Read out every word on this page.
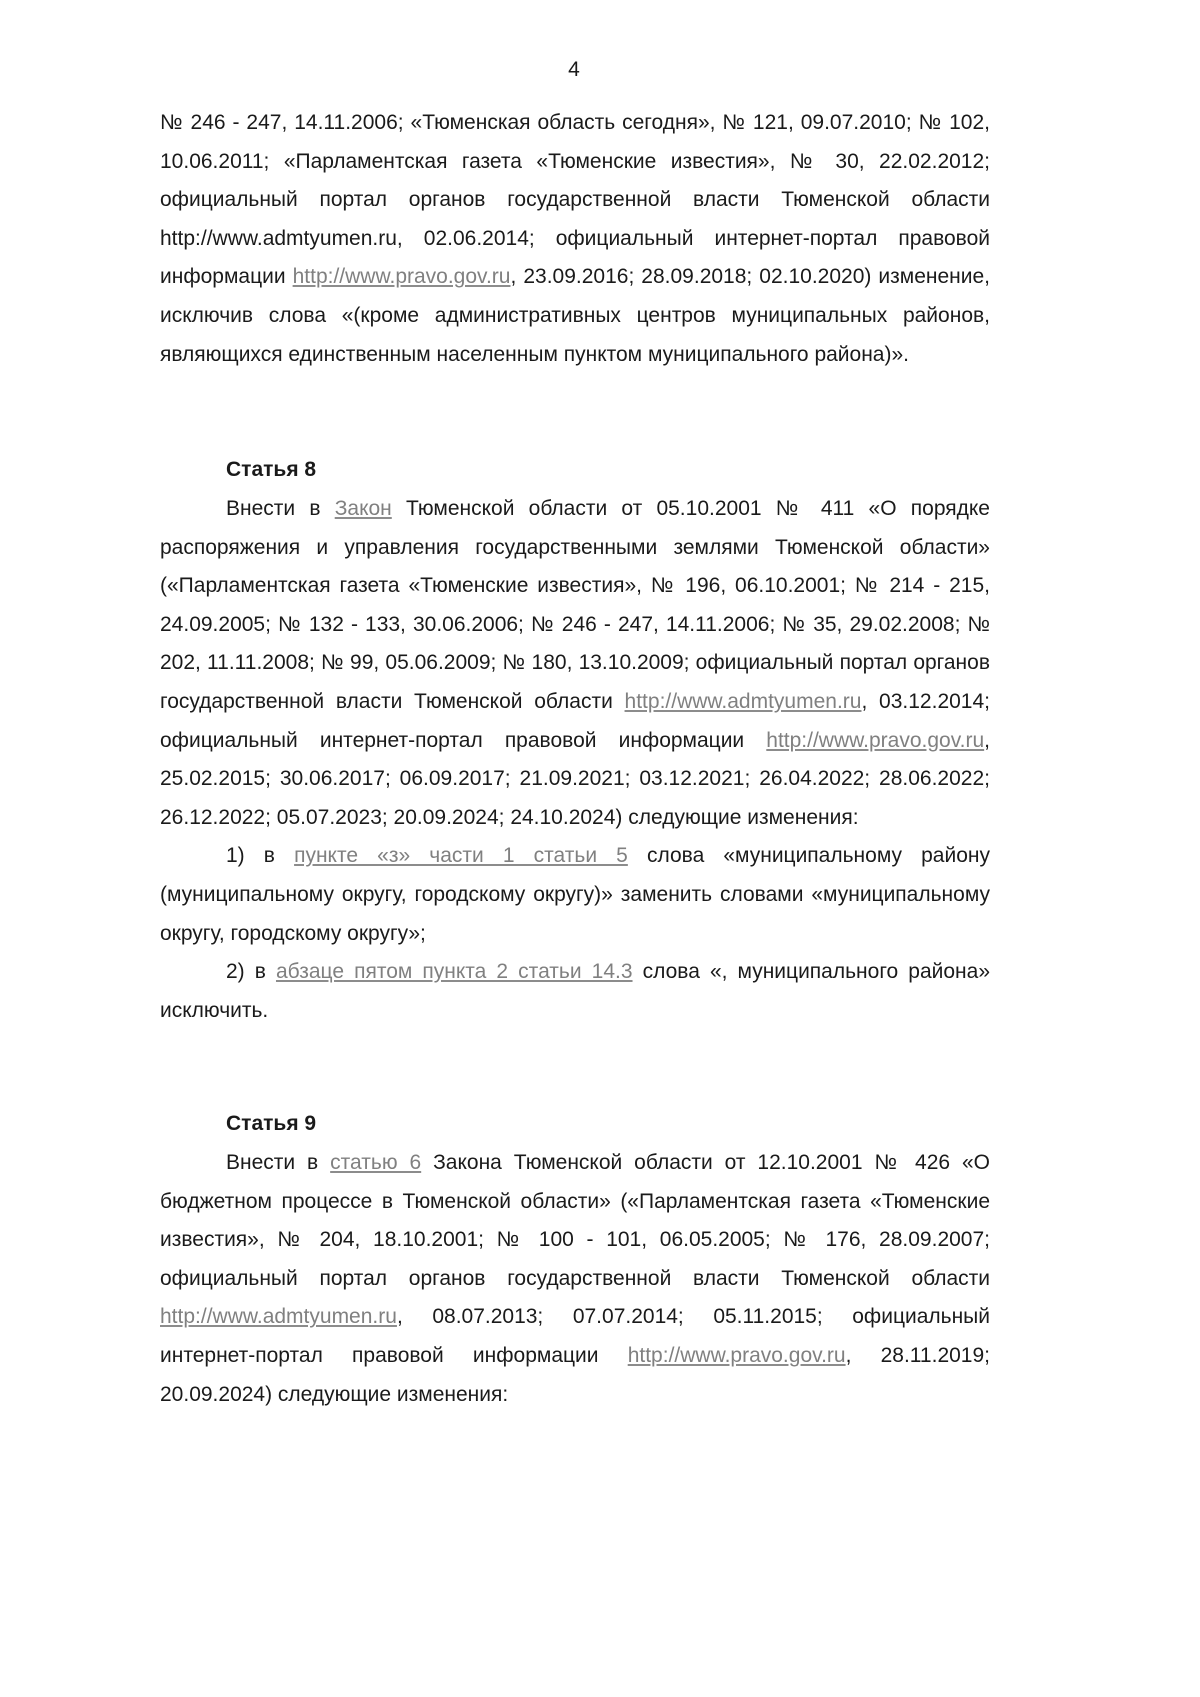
4

№ 246 - 247, 14.11.2006; «Тюменская область сегодня», № 121, 09.07.2010; № 102, 10.06.2011; «Парламентская газета «Тюменские известия», № 30, 22.02.2012; официальный портал органов государственной власти Тюменской области http://www.admtyumen.ru, 02.06.2014; официальный интернет-портал правовой информации http://www.pravo.gov.ru, 23.09.2016; 28.09.2018; 02.10.2020) изменение, исключив слова «(кроме административных центров муниципальных районов, являющихся единственным населенным пунктом муниципального района)».

Статья 8

Внести в Закон Тюменской области от 05.10.2001 № 411 «О порядке распоряжения и управления государственными землями Тюменской области» («Парламентская газета «Тюменские известия», № 196, 06.10.2001; № 214 - 215, 24.09.2005; № 132 - 133, 30.06.2006; № 246 - 247, 14.11.2006; № 35, 29.02.2008; № 202, 11.11.2008; № 99, 05.06.2009; № 180, 13.10.2009; официальный портал органов государственной власти Тюменской области http://www.admtyumen.ru, 03.12.2014; официальный интернет-портал правовой информации http://www.pravo.gov.ru, 25.02.2015; 30.06.2017; 06.09.2017; 21.09.2021; 03.12.2021; 26.04.2022; 28.06.2022; 26.12.2022; 05.07.2023; 20.09.2024; 24.10.2024) следующие изменения:

1) в пункте «з» части 1 статьи 5 слова «муниципальному району (муниципальному округу, городскому округу)» заменить словами «муниципальному округу, городскому округу»;

2) в абзаце пятом пункта 2 статьи 14.3 слова «, муниципального района» исключить.

Статья 9

Внести в статью 6 Закона Тюменской области от 12.10.2001 № 426 «О бюджетном процессе в Тюменской области» («Парламентская газета «Тюменские известия», № 204, 18.10.2001; № 100 - 101, 06.05.2005; № 176, 28.09.2007; официальный портал органов государственной власти Тюменской области http://www.admtyumen.ru, 08.07.2013; 07.07.2014; 05.11.2015; официальный интернет-портал правовой информации http://www.pravo.gov.ru, 28.11.2019; 20.09.2024) следующие изменения:
